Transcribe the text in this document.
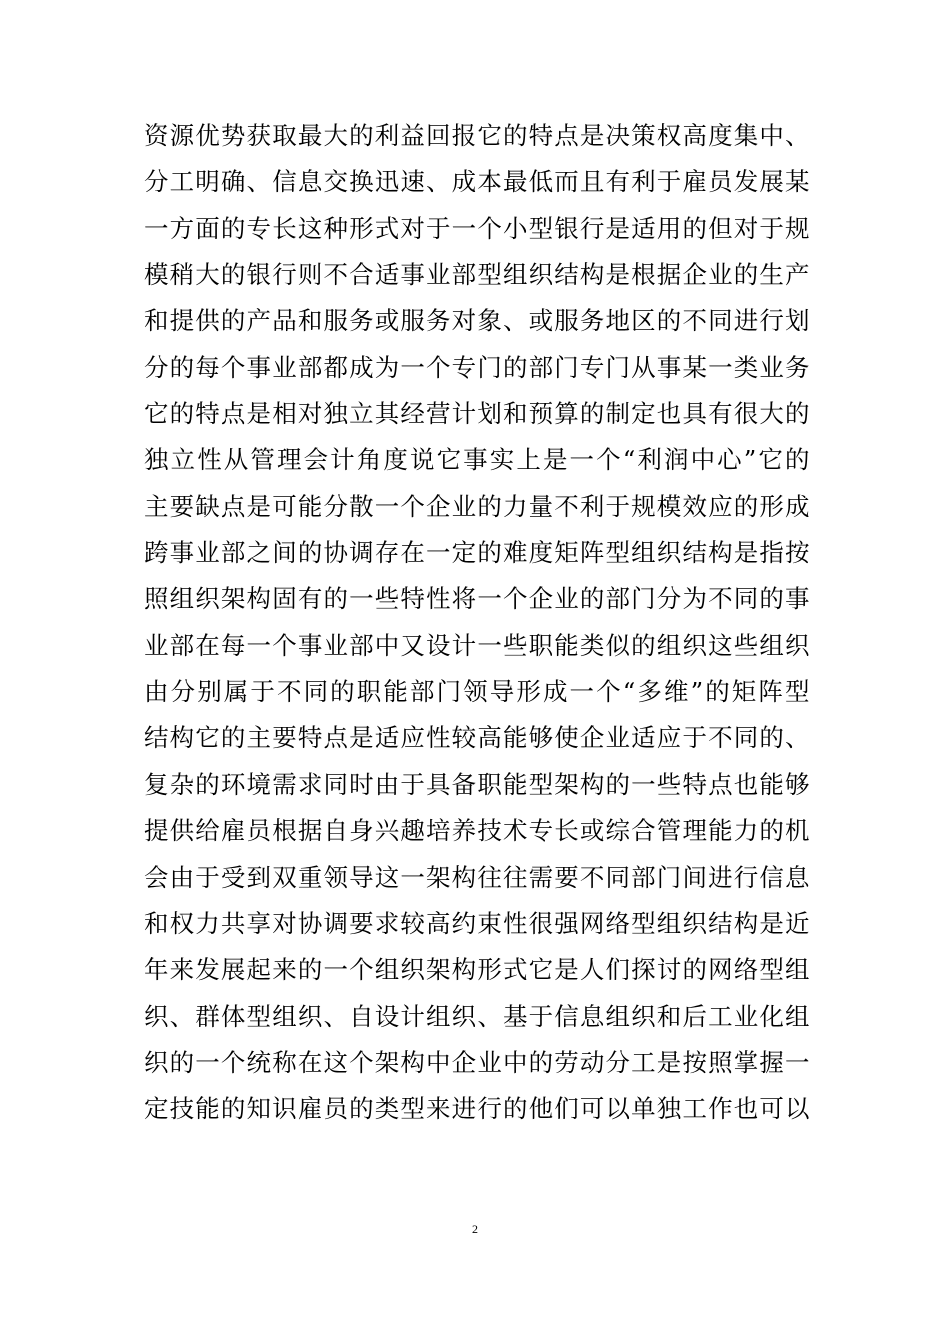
资源优势获取最大的利益回报它的特点是决策权高度集中、
分工明确、信息交换迅速、成本最低而且有利于雇员发展某
一方面的专长这种形式对于一个小型银行是适用的但对于规
模稍大的银行则不合适事业部型组织结构是根据企业的生产
和提供的产品和服务或服务对象、或服务地区的不同进行划
分的每个事业部都成为一个专门的部门专门从事某一类业务
它的特点是相对独立其经营计划和预算的制定也具有很大的
独立性从管理会计角度说它事实上是一个“利润中心”它的
主要缺点是可能分散一个企业的力量不利于规模效应的形成
跨事业部之间的协调存在一定的难度矩阵型组织结构是指按
照组织架构固有的一些特性将一个企业的部门分为不同的事
业部在每一个事业部中又设计一些职能类似的组织这些组织
由分别属于不同的职能部门领导形成一个“多维”的矩阵型
结构它的主要特点是适应性较高能够使企业适应于不同的、
复杂的环境需求同时由于具备职能型架构的一些特点也能够
提供给雇员根据自身兴趣培养技术专长或综合管理能力的机
会由于受到双重领导这一架构往往需要不同部门间进行信息
和权力共享对协调要求较高约束性很强网络型组织结构是近
年来发展起来的一个组织架构形式它是人们探讨的网络型组
织、群体型组织、自设计组织、基于信息组织和后工业化组
织的一个统称在这个架构中企业中的劳动分工是按照掌握一
定技能的知识雇员的类型来进行的他们可以单独工作也可以
2
